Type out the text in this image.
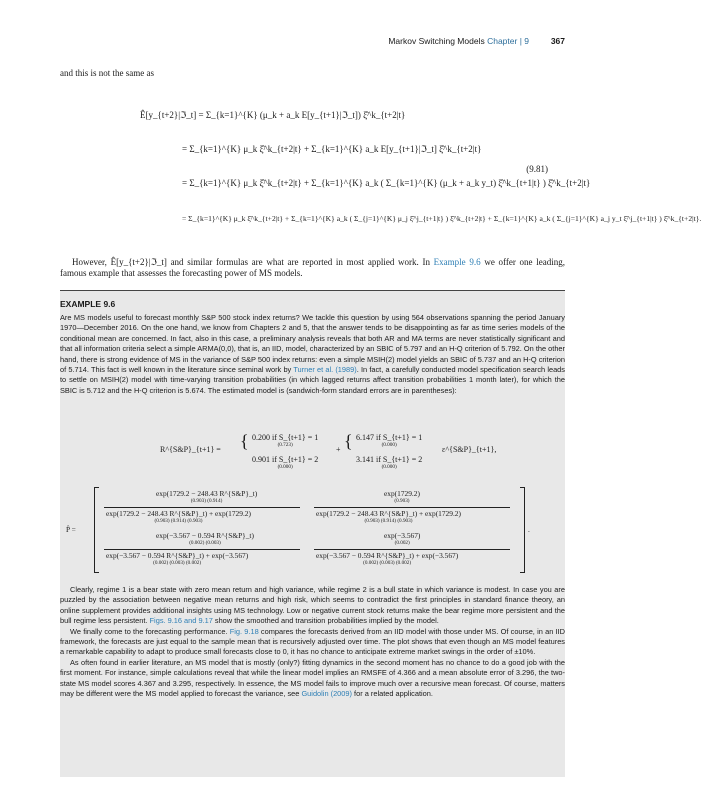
Markov Switching Models Chapter | 9	367
and this is not the same as
Ê[y_{t+2}|ℑ_t] = Σ_{k=1}^{K} (μ_k + a_k E[y_{t+1}|ℑ_t]) ξ̂^k_{t+2|t}
= Σ_{k=1}^{K} μ_k ξ̂^k_{t+2|t} + Σ_{k=1}^{K} a_k E[y_{t+1}|ℑ_t] ξ̂^k_{t+2|t}
= Σ_{k=1}^{K} μ_k ξ̂^k_{t+2|t} + Σ_{k=1}^{K} a_k ( Σ_{k=1}^{K} (μ_k + a_k y_t) ξ̂^k_{t+1|t} ) ξ̂^k_{t+2|t}
= Σ_{k=1}^{K} μ_k ξ̂^k_{t+2|t} + Σ_{k=1}^{K} a_k ( Σ_{j=1}^{K} μ_j ξ̂^j_{t+1|t} ) ξ̂^k_{t+2|t} + Σ_{k=1}^{K} a_k ( Σ_{j=1}^{K} a_j y_t ξ̂^j_{t+1|t} ) ξ̂^k_{t+2|t}.
(9.81)
However, Ê[y_{t+2}|ℑ_t] and similar formulas are what are reported in most applied work. In Example 9.6 we offer one leading, famous example that assesses the forecasting power of MS models.
EXAMPLE 9.6

Are MS models useful to forecast monthly S&P 500 stock index returns? We tackle this question by using 564 observations spanning the period January 1970—December 2016. On the one hand, we know from Chapters 2 and 5, that the answer tends to be disappointing as far as time series models of the conditional mean are concerned. In fact, also in this case, a preliminary analysis reveals that both AR and MA terms are never statistically significant and that all information criteria select a simple ARMA(0,0), that is, an IID, model, characterized by an SBIC of 5.797 and an H-Q criterion of 5.792. On the other hand, there is strong evidence of MS in the variance of S&P 500 index returns: even a simple MSIH(2) model yields an SBIC of 5.737 and an H-Q criterion of 5.714. This fact is well known in the literature since seminal work by Turner et al. (1989). In fact, a carefully conducted model specification search leads to settle on MSIH(2) model with time-varying transition probabilities (in which lagged returns affect transition probabilities 1 month later), for which the SBIC is 5.712 and the H-Q criterion is 5.674. The estimated model is (sandwich-form standard errors are in parentheses):

R^{S&P}_{t+1} = { 0.200 if S_{t+1} = 1
(0.723)
0.901 if S_{t+1} = 2
(0.000)
+ { 6.147 if S_{t+1} = 1
(0.000)
3.141 if S_{t+1} = 2
(0.000)
ε^{S&P}_{t+1},
P̂ =
exp(1729.2 − 248.43 R^{S&P}_t)
(0.903) (0.914)
exp(1729.2 − 248.43 R^{S&P}_t) + exp(1729.2)
(0.903) (0.914) (0.903)
exp(1729.2)
(0.903)
exp(1729.2 − 248.43 R^{S&P}_t) + exp(1729.2)
(0.903) (0.914) (0.903)
exp(−3.567 − 0.594 R^{S&P}_t)
(0.002) (0.003)
exp(−3.567 − 0.594 R^{S&P}_t) + exp(−3.567)
(0.002) (0.003) (0.002)
exp(−3.567)
(0.002)
exp(−3.567 − 0.594 R^{S&P}_t) + exp(−3.567)
(0.002) (0.003) (0.002)
.

Clearly, regime 1 is a bear state with zero mean return and high variance, while regime 2 is a bull state in which variance is modest. In case you are puzzled by the association between negative mean returns and high risk, which seems to contradict the first principles in standard finance theory, an online supplement provides additional insights using MS technology. Low or negative current stock returns make the bear regime more persistent and the bull regime less persistent. Figs. 9.16 and 9.17 show the smoothed and transition probabilities implied by the model.

We finally come to the forecasting performance. Fig. 9.18 compares the forecasts derived from an IID model with those under MS. Of course, in an IID framework, the forecasts are just equal to the sample mean that is recursively adjusted over time. The plot shows that even though an MS model features a remarkable capability to adapt to produce small forecasts close to 0, it has no chance to anticipate extreme market swings in the order of ±10%.

As often found in earlier literature, an MS model that is mostly (only?) fitting dynamics in the second moment has no chance to do a good job with the first moment. For instance, simple calculations reveal that while the linear model implies an RMSFE of 4.366 and a mean absolute error of 3.296, the two-state MS model scores 4.367 and 3.295, respectively. In essence, the MS model fails to improve much over a recursive mean forecast. Of course, matters may be different were the MS model applied to forecast the variance, see Guidolin (2009) for a related application.
